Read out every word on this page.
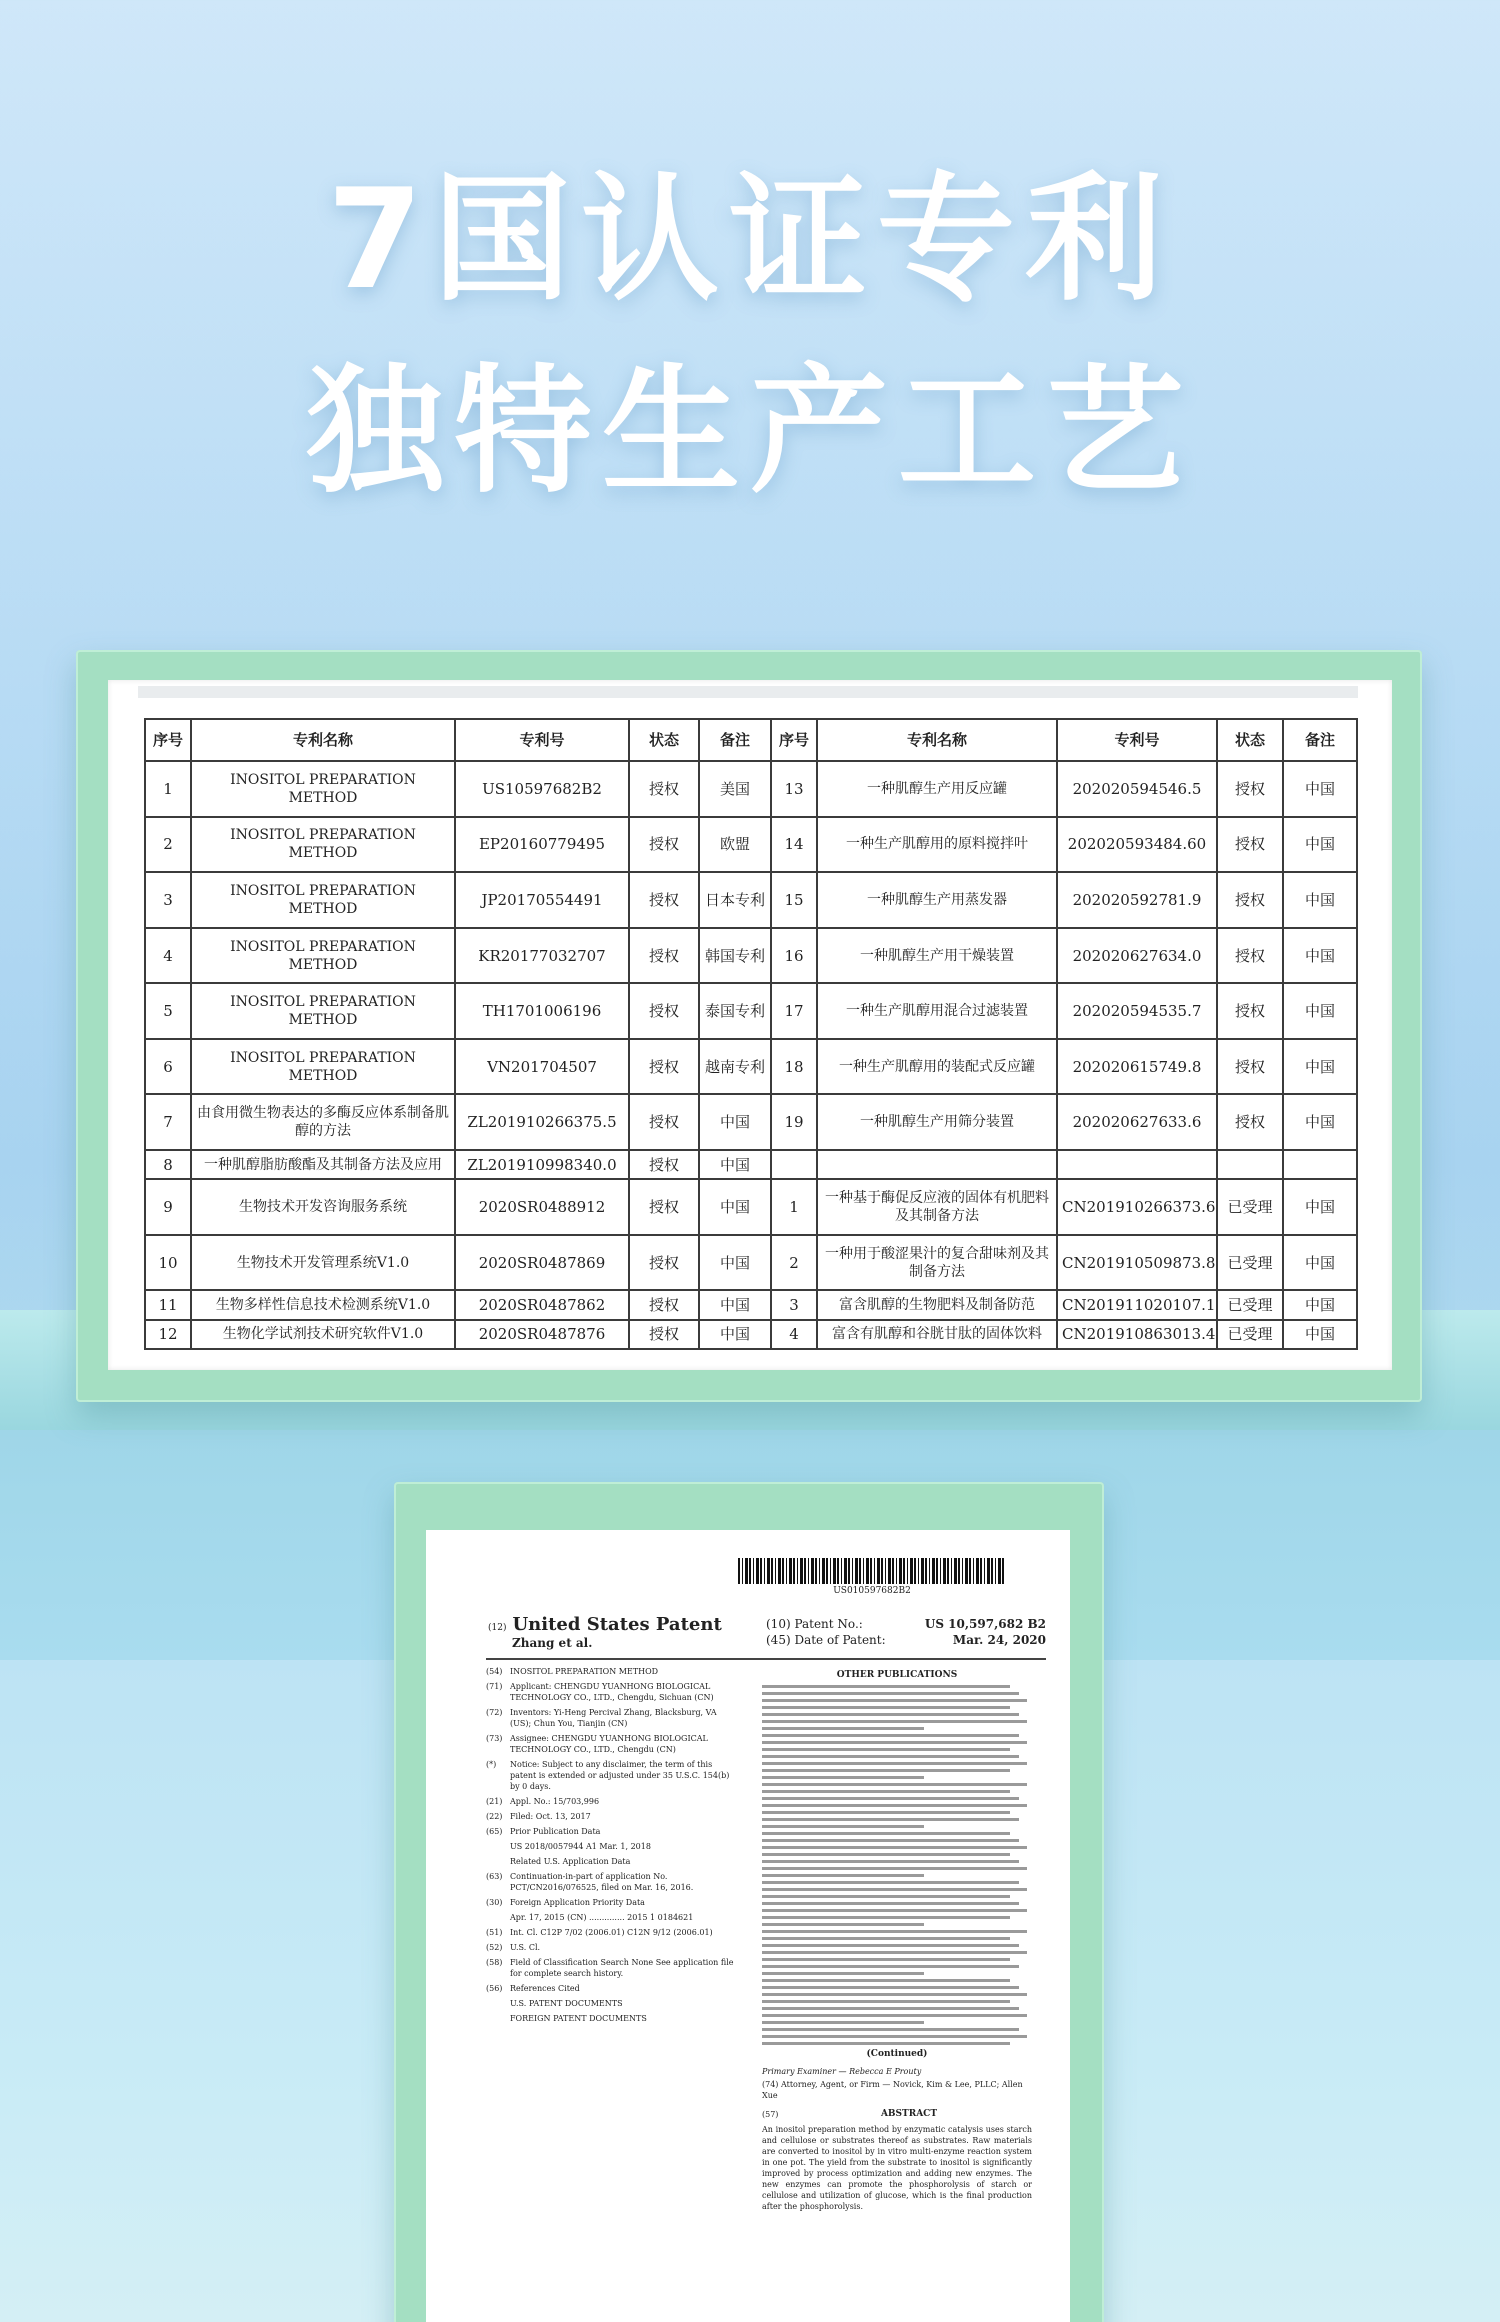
7国认证专利
独特生产工艺
序号	专利名称	专利号	状态	备注	序号	专利名称	专利号	状态	备注
1	INOSITOL PREPARATION METHOD	US10597682B2	授权	美国	13	一种肌醇生产用反应罐	202020594546.5	授权	中国
2	INOSITOL PREPARATION METHOD	EP20160779495	授权	欧盟	14	一种生产肌醇用的原料搅拌叶	202020593484.60	授权	中国
3	INOSITOL PREPARATION METHOD	JP20170554491	授权	日本专利	15	一种肌醇生产用蒸发器	202020592781.9	授权	中国
4	INOSITOL PREPARATION METHOD	KR20177032707	授权	韩国专利	16	一种肌醇生产用干燥装置	202020627634.0	授权	中国
5	INOSITOL PREPARATION METHOD	TH1701006196	授权	泰国专利	17	一种生产肌醇用混合过滤装置	202020594535.7	授权	中国
6	INOSITOL PREPARATION METHOD	VN201704507	授权	越南专利	18	一种生产肌醇用的装配式反应罐	202020615749.8	授权	中国
7	由食用微生物表达的多酶反应体系制备肌醇的方法	ZL201910266375.5	授权	中国	19	一种肌醇生产用筛分装置	202020627633.6	授权	中国
8	一种肌醇脂肪酸酯及其制备方法及应用	ZL201910998340.0	授权	中国					
9	生物技术开发咨询服务系统	2020SR0488912	授权	中国	1	一种基于酶促反应液的固体有机肥料及其制备方法	CN201910266373.6	已受理	中国
10	生物技术开发管理系统V1.0	2020SR0487869	授权	中国	2	一种用于酸涩果汁的复合甜味剂及其制备方法	CN201910509873.8	已受理	中国
11	生物多样性信息技术检测系统V1.0	2020SR0487862	授权	中国	3	富含肌醇的生物肥料及制备防范	CN201911020107.1	已受理	中国
12	生物化学试剂技术研究软件V1.0	2020SR0487876	授权	中国	4	富含有肌醇和谷胱甘肽的固体饮料	CN201910863013.4	已受理	中国
US010597682B2
(12) United States Patent
Zhang et al.
(10) Patent No.:	US 10,597,682 B2
(45) Date of Patent:	Mar. 24, 2020
(54) INOSITOL PREPARATION METHOD
(71) Applicant: CHENGDU YUANHONG BIOLOGICAL TECHNOLOGY CO., LTD., Chengdu, Sichuan (CN)
(72) Inventors: Yi-Heng Percival Zhang, Blacksburg, VA (US); Chun You, Tianjin (CN)
(73) Assignee: CHENGDU YUANHONG BIOLOGICAL TECHNOLOGY CO., LTD., Chengdu (CN)
(*)	Notice: Subject to any disclaimer, the term of this patent is extended or adjusted under 35 U.S.C. 154(b) by 0 days.
(21) Appl. No.: 15/703,996
(22) Filed: Oct. 13, 2017
(65) Prior Publication Data
US 2018/0057944 A1 Mar. 1, 2018
Related U.S. Application Data
(63) Continuation-in-part of application No. PCT/CN2016/076525, filed on Mar. 16, 2016.
(30) Foreign Application Priority Data
Apr. 17, 2015 (CN) .............. 2015 1 0184621
(51) Int. Cl. C12P 7/02 (2006.01) C12N 9/12 (2006.01)
(52) U.S. Cl.
(58) Field of Classification Search None See application file for complete search history.
(56) References Cited
U.S. PATENT DOCUMENTS
FOREIGN PATENT DOCUMENTS
OTHER PUBLICATIONS
(Continued)
Primary Examiner — Rebecca E Prouty
(74) Attorney, Agent, or Firm — Novick, Kim & Lee, PLLC; Allen Xue
(57)	ABSTRACT
An inositol preparation method by enzymatic catalysis uses starch and cellulose or substrates thereof as substrates. Raw materials are converted to inositol by in vitro multi-enzyme reaction system in one pot. The yield from the substrate to inositol is significantly improved by process optimization and adding new enzymes. The new enzymes can promote the phosphorolysis of starch or cellulose and utilization of glucose, which is the final production after the phosphorolysis.
